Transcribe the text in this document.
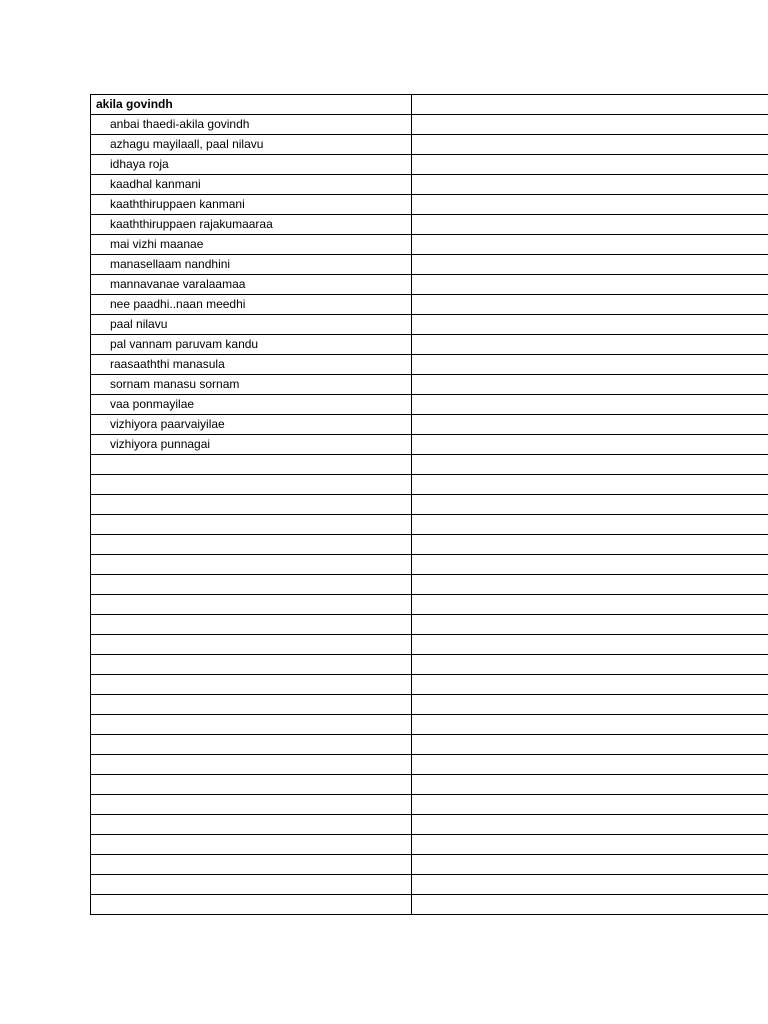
akila govindh	
anbai thaedi-akila govindh	
azhagu mayilaall, paal nilavu	
idhaya roja	
kaadhal kanmani	
kaaththiruppaen kanmani	
kaaththiruppaen rajakumaaraa	
mai vizhi maanae	
manasellaam nandhini	
mannavanae varalaamaa	
nee paadhi..naan meedhi	
paal nilavu	
pal vannam paruvam kandu	
raasaaththi manasula	
sornam manasu sornam	
vaa ponmayilae	
vizhiyora paarvaiyilae	
vizhiyora punnagai	
